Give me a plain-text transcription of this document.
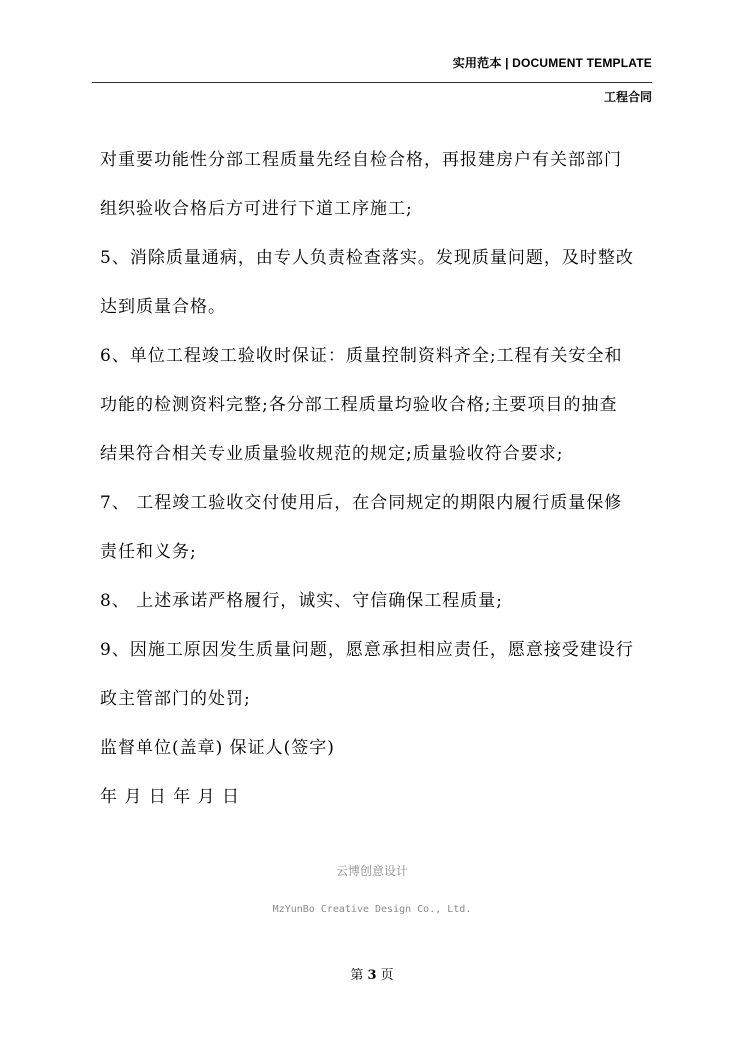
实用范本 | DOCUMENT TEMPLATE
工程合同
对重要功能性分部工程质量先经自检合格，再报建房户有关部部门
组织验收合格后方可进行下道工序施工;
5、消除质量通病，由专人负责检查落实。发现质量问题，及时整改
达到质量合格。
6、单位工程竣工验收时保证：质量控制资料齐全;工程有关安全和
功能的检测资料完整;各分部工程质量均验收合格;主要项目的抽查
结果符合相关专业质量验收规范的规定;质量验收符合要求;
7、 工程竣工验收交付使用后，在合同规定的期限内履行质量保修
责任和义务;
8、 上述承诺严格履行，诚实、守信确保工程质量;
9、因施工原因发生质量问题，愿意承担相应责任，愿意接受建设行
政主管部门的处罚;
监督单位(盖章) 保证人(签字)
年 月 日 年 月 日
云博创意设计
MzYunBo Creative Design Co., Ltd.
第 3 页
